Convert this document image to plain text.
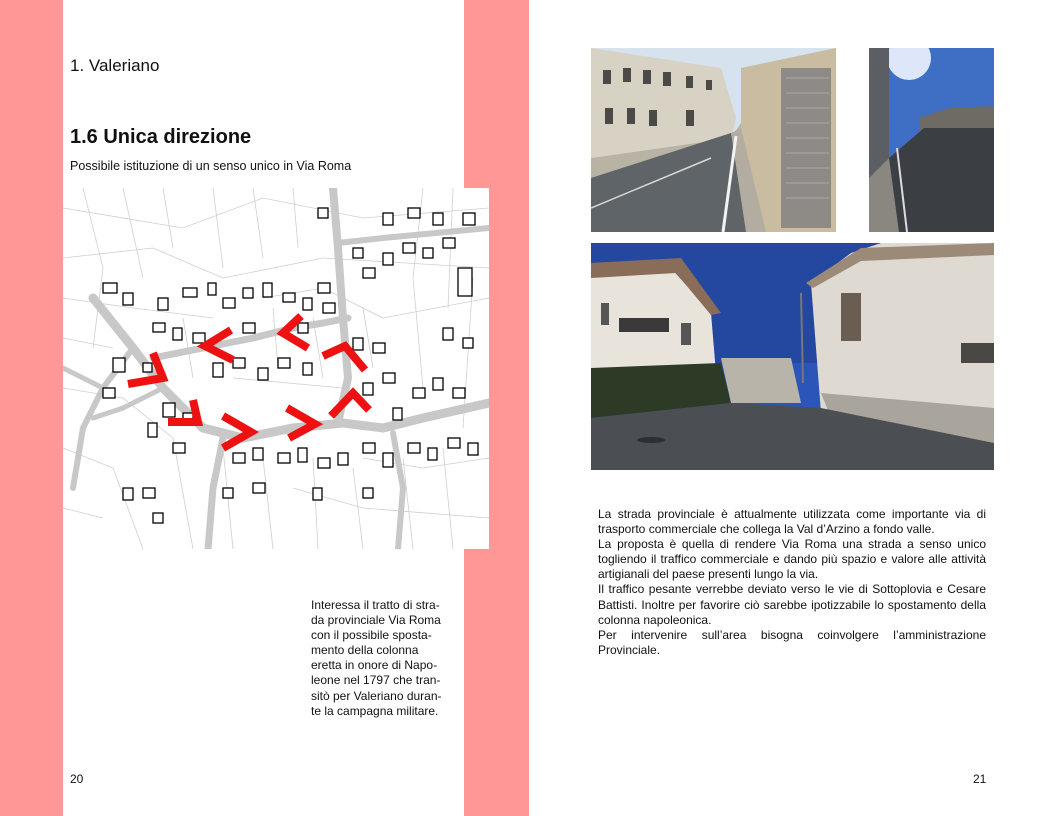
1. Valeriano
1.6 Unica direzione
Possibile istituzione di un senso unico in Via Roma
Interessa il tratto di stra-
da provinciale Via Roma
con il possibile sposta-
mento della colonna
eretta in onore di Napo-
leone nel 1797 che tran-
sitò per Valeriano duran-
te la campagna militare.
20

La strada provinciale è attualmente utilizzata come importante via di trasporto commerciale che collega la Val d’Arzino a fondo valle.

La proposta è quella di rendere Via Roma una strada a senso unico togliendo il traffico commerciale e dando più spazio e valore alle attività artigianali del paese presenti lungo la via.

Il traffico pesante verrebbe deviato verso le vie di Sottoplovia e Cesare Battisti. Inoltre per favorire ciò sarebbe ipotizzabile lo spostamento della colonna napoleonica.

Per intervenire sull’area bisogna coinvolgere l’amministrazione Provinciale.

21
